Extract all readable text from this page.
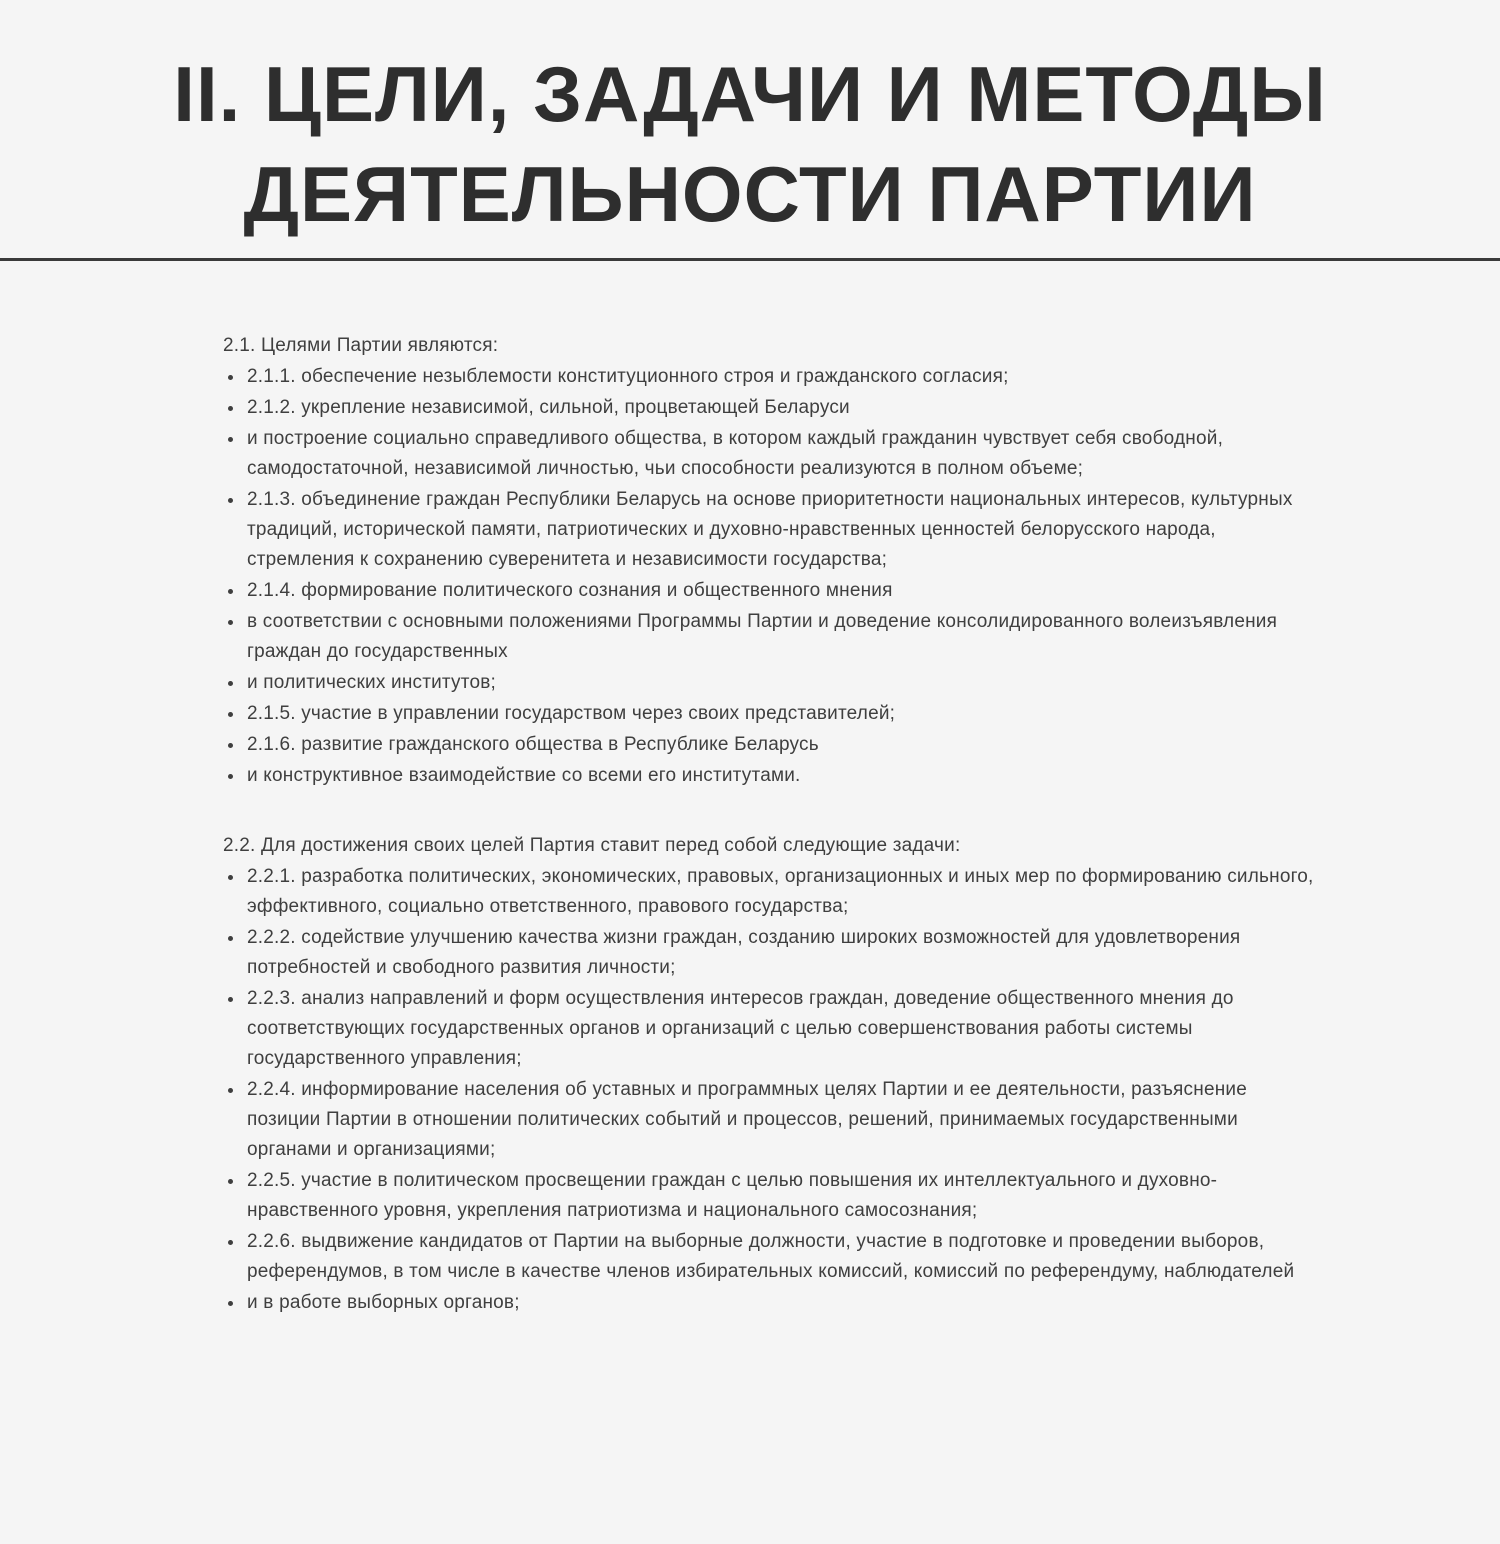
II. ЦЕЛИ, ЗАДАЧИ И МЕТОДЫ ДЕЯТЕЛЬНОСТИ ПАРТИИ

2.1. Целями Партии являются:

• 2.1.1. обеспечение незыблемости конституционного строя и гражданского согласия;
• 2.1.2. укрепление независимой, сильной, процветающей Беларуси
• и построение социально справедливого общества, в котором каждый гражданин чувствует себя свободной, самодостаточной, независимой личностью, чьи способности реализуются в полном объеме;
• 2.1.3. объединение граждан Республики Беларусь на основе приоритетности национальных интересов, культурных традиций, исторической памяти, патриотических и духовно-нравственных ценностей белорусского народа, стремления к сохранению суверенитета и независимости государства;
• 2.1.4. формирование политического сознания и общественного мнения
• в соответствии с основными положениями Программы Партии и доведение консолидированного волеизъявления граждан до государственных
• и политических институтов;
• 2.1.5. участие в управлении государством через своих представителей;
• 2.1.6. развитие гражданского общества в Республике Беларусь
• и конструктивное взаимодействие со всеми его институтами.

2.2. Для достижения своих целей Партия ставит перед собой следующие задачи:

• 2.2.1. разработка политических, экономических, правовых, организационных и иных мер по формированию сильного, эффективного, социально ответственного, правового государства;
• 2.2.2. содействие улучшению качества жизни граждан, созданию широких возможностей для удовлетворения потребностей и свободного развития личности;
• 2.2.3. анализ направлений и форм осуществления интересов граждан, доведение общественного мнения до соответствующих государственных органов и организаций с целью совершенствования работы системы государственного управления;
• 2.2.4. информирование населения об уставных и программных целях Партии и ее деятельности, разъяснение позиции Партии в отношении политических событий и процессов, решений, принимаемых государственными органами и организациями;
• 2.2.5. участие в политическом просвещении граждан с целью повышения их интеллектуального и духовно-нравственного уровня, укрепления патриотизма и национального самосознания;
• 2.2.6. выдвижение кандидатов от Партии на выборные должности, участие в подготовке и проведении выборов, референдумов, в том числе в качестве членов избирательных комиссий, комиссий по референдуму, наблюдателей
• и в работе выборных органов;
